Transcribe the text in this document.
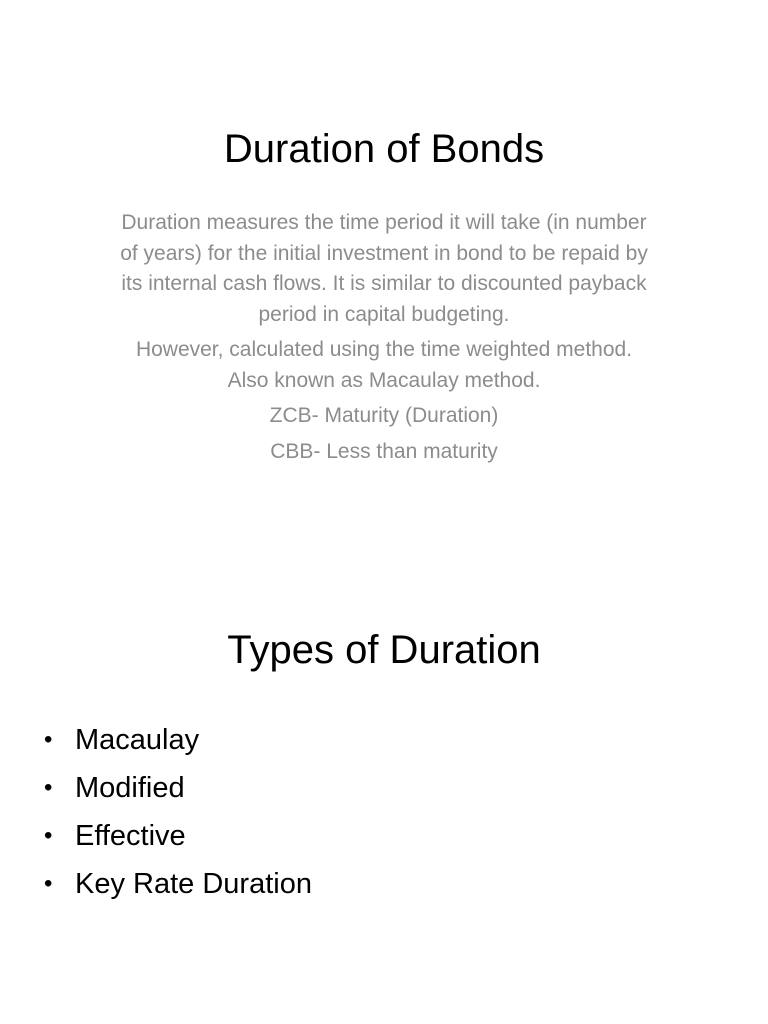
Duration of Bonds

Duration measures the time period it will take (in number of years) for the initial investment in bond to be repaid by its internal cash flows. It is similar to discounted payback period in capital budgeting.

However, calculated using the time weighted method. Also known as Macaulay method.

ZCB- Maturity (Duration)

CBB- Less than maturity

Types of Duration
• Macaulay
• Modified
• Effective
• Key Rate Duration
